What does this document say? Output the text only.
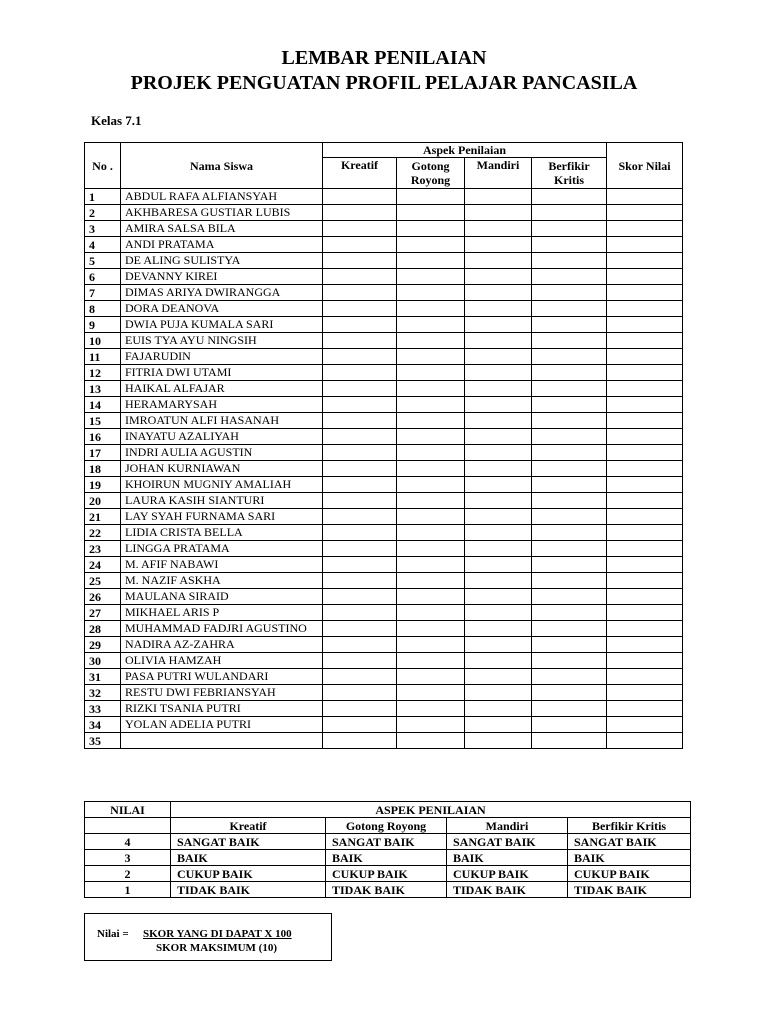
LEMBAR PENILAIAN
PROJEK PENGUATAN PROFIL PELAJAR PANCASILA
Kelas 7.1
No .	Nama Siswa	Aspek Penilaian				Skor Nilai
		Kreatif	Gotong Royong	Mandiri	Berfikir Kritis	
1	ABDUL RAFA ALFIANSYAH					
2	AKHBARESA GUSTIAR LUBIS					
3	AMIRA SALSA BILA					
4	ANDI PRATAMA					
5	DE ALING SULISTYA					
6	DEVANNY KIREI					
7	DIMAS ARIYA DWIRANGGA					
8	DORA DEANOVA					
9	DWIA PUJA KUMALA SARI					
10	EUIS TYA AYU NINGSIH					
11	FAJARUDIN					
12	FITRIA DWI UTAMI					
13	HAIKAL ALFAJAR					
14	HERAMARYSAH					
15	IMROATUN ALFI HASANAH					
16	INAYATU AZALIYAH					
17	INDRI AULIA AGUSTIN					
18	JOHAN KURNIAWAN					
19	KHOIRUN MUGNIY AMALIAH					
20	LAURA KASIH SIANTURI					
21	LAY SYAH FURNAMA SARI					
22	LIDIA CRISTA BELLA					
23	LINGGA PRATAMA					
24	M. AFIF NABAWI					
25	M. NAZIF ASKHA					
26	MAULANA SIRAID					
27	MIKHAEL ARIS P					
28	MUHAMMAD FADJRI AGUSTINO					
29	NADIRA AZ-ZAHRA					
30	OLIVIA HAMZAH					
31	PASA PUTRI WULANDARI					
32	RESTU DWI FEBRIANSYAH					
33	RIZKI TSANIA PUTRI					
34	YOLAN ADELIA PUTRI					
35						
NILAI	ASPEK PENILAIAN			
	Kreatif	Gotong Royong	Mandiri	Berfikir Kritis
4	SANGAT BAIK	SANGAT BAIK	SANGAT BAIK	SANGAT BAIK
3	BAIK	BAIK	BAIK	BAIK
2	CUKUP BAIK	CUKUP BAIK	CUKUP BAIK	CUKUP BAIK
1	TIDAK BAIK	TIDAK BAIK	TIDAK BAIK	TIDAK BAIK
Nilai = SKOR YANG DI DAPAT X 100
SKOR MAKSIMUM (10)
